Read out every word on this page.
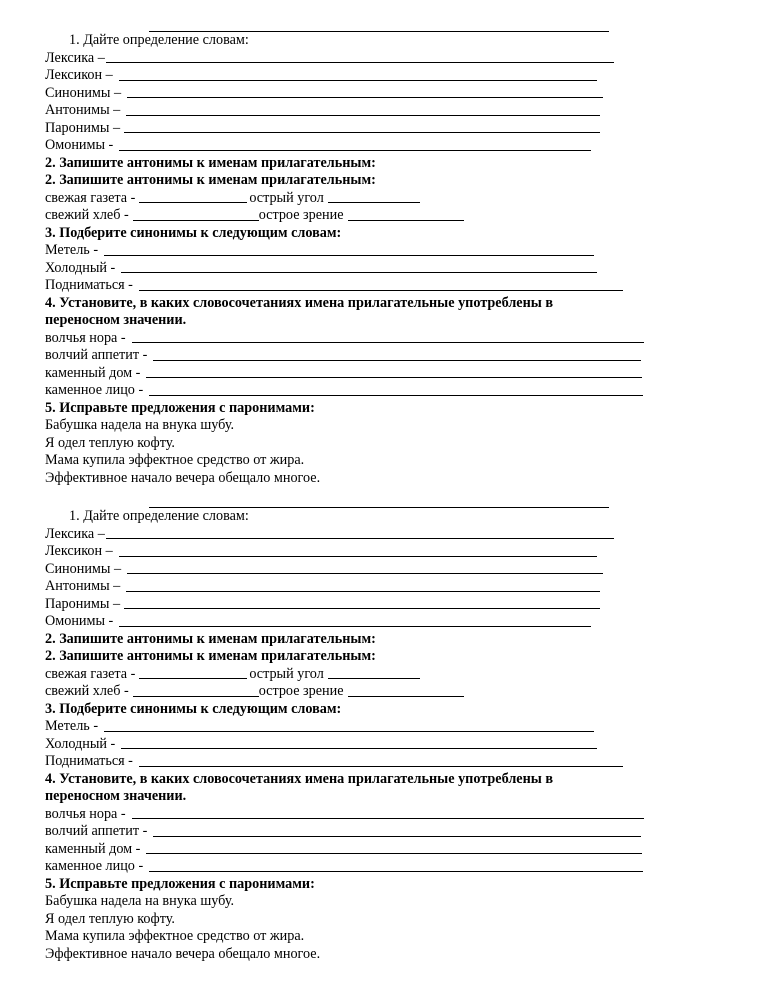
1. Дайте определение словам:
Лексика –
Лексикон –
Синонимы –
Антонимы –
Паронимы –
Омонимы -
2. Запишите антонимы к именам прилагательным:
2. Запишите антонимы к именам прилагательным:
свежая газета -	острый угол
свежий хлеб -	острое зрение
3. Подберите синонимы к следующим словам:
Метель -
Холодный -
Подниматься -
4. Установите, в каких словосочетаниях имена прилагательные употреблены в
переносном значении.
волчья нора -
волчий аппетит -
каменный дом -
каменное лицо -
5. Исправьте предложения с паронимами:
Бабушка надела на внука шубу.
Я одел теплую кофту.
Мама купила эффектное средство от жира.
Эффективное начало вечера обещало многое.
1. Дайте определение словам:
Лексика –
Лексикон –
Синонимы –
Антонимы –
Паронимы –
Омонимы -
2. Запишите антонимы к именам прилагательным:
2. Запишите антонимы к именам прилагательным:
свежая газета -	острый угол
свежий хлеб -	острое зрение
3. Подберите синонимы к следующим словам:
Метель -
Холодный -
Подниматься -
4. Установите, в каких словосочетаниях имена прилагательные употреблены в
переносном значении.
волчья нора -
волчий аппетит -
каменный дом -
каменное лицо -
5. Исправьте предложения с паронимами:
Бабушка надела на внука шубу.
Я одел теплую кофту.
Мама купила эффектное средство от жира.
Эффективное начало вечера обещало многое.
